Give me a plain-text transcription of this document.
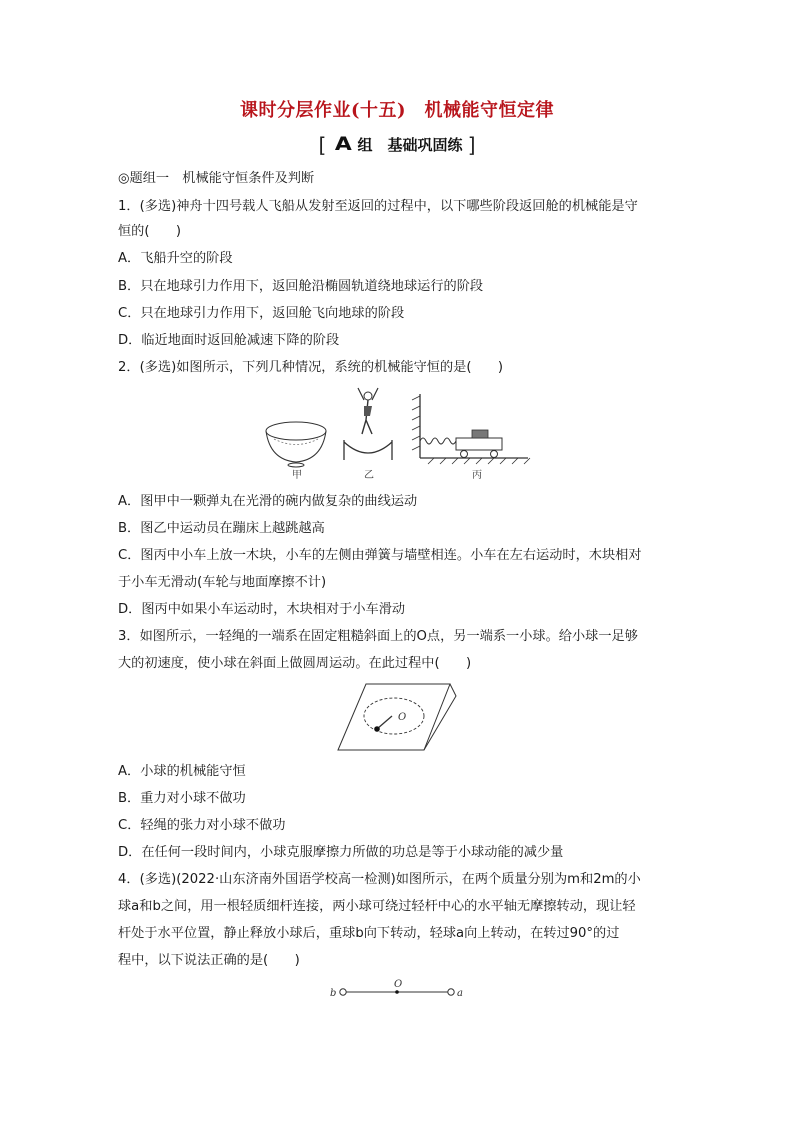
课时分层作业(十五)　机械能守恒定律
[ A 组　基础巩固练 ]
◎题组一　机械能守恒条件及判断
1．(多选)神舟十四号载人飞船从发射至返回的过程中，以下哪些阶段返回舱的机械能是守
恒的(　　)
A．飞船升空的阶段
B．只在地球引力作用下，返回舱沿椭圆轨道绕地球运行的阶段
C．只在地球引力作用下，返回舱飞向地球的阶段
D．临近地面时返回舱减速下降的阶段
2．(多选)如图所示，下列几种情况，系统的机械能守恒的是(　　)
甲	乙	丙
A．图甲中一颗弹丸在光滑的碗内做复杂的曲线运动
B．图乙中运动员在蹦床上越跳越高
C．图丙中小车上放一木块，小车的左侧由弹簧与墙壁相连。小车在左右运动时，木块相对
于小车无滑动(车轮与地面摩擦不计)
D．图丙中如果小车运动时，木块相对于小车滑动
3．如图所示，一轻绳的一端系在固定粗糙斜面上的O点，另一端系一小球。给小球一足够
大的初速度，使小球在斜面上做圆周运动。在此过程中(　　)
O
A．小球的机械能守恒
B．重力对小球不做功
C．轻绳的张力对小球不做功
D．在任何一段时间内，小球克服摩擦力所做的功总是等于小球动能的减少量
4．(多选)(2022·山东济南外国语学校高一检测)如图所示，在两个质量分别为m和2m的小
球a和b之间，用一根轻质细杆连接，两小球可绕过轻杆中心的水平轴无摩擦转动，现让轻
杆处于水平位置，静止释放小球后，重球b向下转动，轻球a向上转动，在转过90°的过
程中，以下说法正确的是(　　)
b
O
a
